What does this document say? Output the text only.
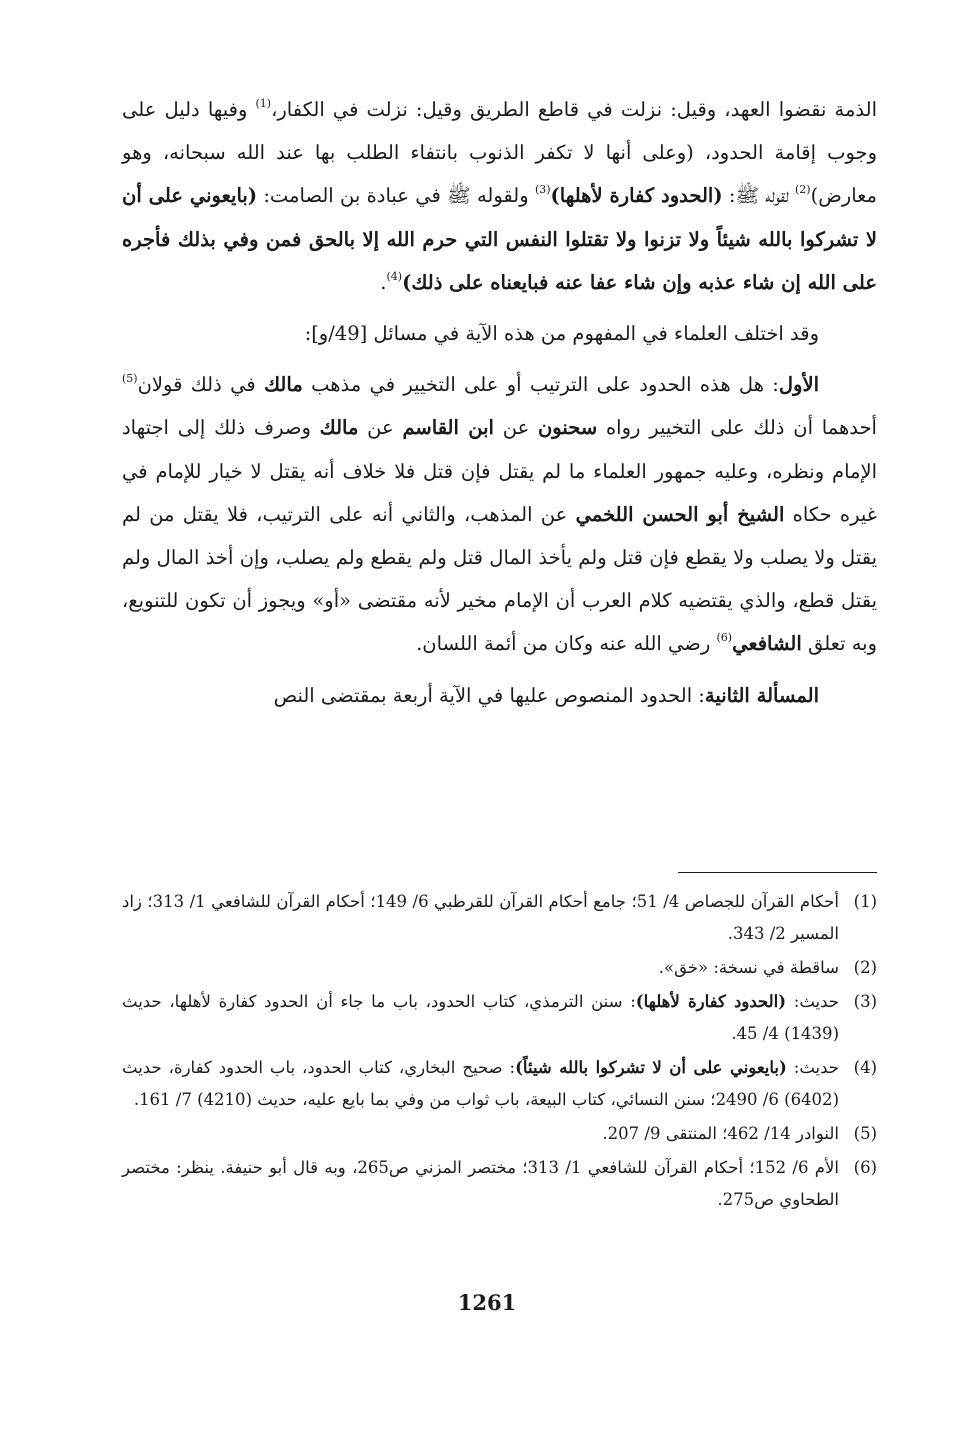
الذمة نقضوا العهد، وقيل: نزلت في قاطع الطريق وقيل: نزلت في الكفار،$^{(1)}$ وفيها دليل على وجوب إقامة الحدود، (وعلى أنها لا تكفر الذنوب بانتفاء الطلب بها عند الله سبحانه، وهو معارض)$^{(2)}$ لقوله ﷺ: (الحدود كفارة لأهلها)$^{(3)}$ ولقوله ﷺ في عبادة بن الصامت: (بايعوني على أن لا تشركوا بالله شيئاً ولا تزنوا ولا تقتلوا النفس التي حرم الله إلا بالحق فمن وفي بذلك فأجره على الله إن شاء عذبه وإن شاء عفا عنه فبايعناه على ذلك)$^{(4)}$.

وقد اختلف العلماء في المفهوم من هذه الآية في مسائل [49/و]:

الأول: هل هذه الحدود على الترتيب أو على التخيير في مذهب مالك في ذلك قولان$^{(5)}$ أحدهما أن ذلك على التخيير رواه سحنون عن ابن القاسم عن مالك وصرف ذلك إلى اجتهاد الإمام ونظره، وعليه جمهور العلماء ما لم يقتل فإن قتل فلا خلاف أنه يقتل لا خيار للإمام في غيره حكاه الشيخ أبو الحسن اللخمي عن المذهب، والثاني أنه على الترتيب، فلا يقتل من لم يقتل ولا يصلب ولا يقطع فإن قتل ولم يأخذ المال قتل ولم يقطع ولم يصلب، وإن أخذ المال ولم يقتل قطع، والذي يقتضيه كلام العرب أن الإمام مخير لأنه مقتضى «أو» ويجوز أن تكون للتنويع، وبه تعلق الشافعي$^{(6)}$ رضي الله عنه وكان من أئمة اللسان.

المسألة الثانية: الحدود المنصوص عليها في الآية أربعة بمقتضى النص

(1)
أحكام القرآن للجصاص 4/ 51؛ جامع أحكام القرآن للقرطبي 6/ 149؛ أحكام القرآن للشافعي 1/ 313؛ زاد المسير 2/ 343.
(2)
ساقطة في نسخة: «خق».
(3)
حديث: (الحدود كفارة لأهلها): سنن الترمذي، كتاب الحدود، باب ما جاء أن الحدود كفارة لأهلها، حديث (1439) 4/ 45.
(4)
حديث: (بايعوني على أن لا تشركوا بالله شيئاً): صحيح البخاري، كتاب الحدود، باب الحدود كفارة، حديث (6402) 6/ 2490؛ سنن النسائي، كتاب البيعة، باب ثواب من وفي بما بايع عليه، حديث (4210) 7/ 161.
(5)
النوادر 14/ 462؛ المنتقى 9/ 207.
(6)
الأم 6/ 152؛ أحكام القرآن للشافعي 1/ 313؛ مختصر المزني ص265، وبه قال أبو حنيفة. ينظر: مختصر الطحاوي ص275.
1261
